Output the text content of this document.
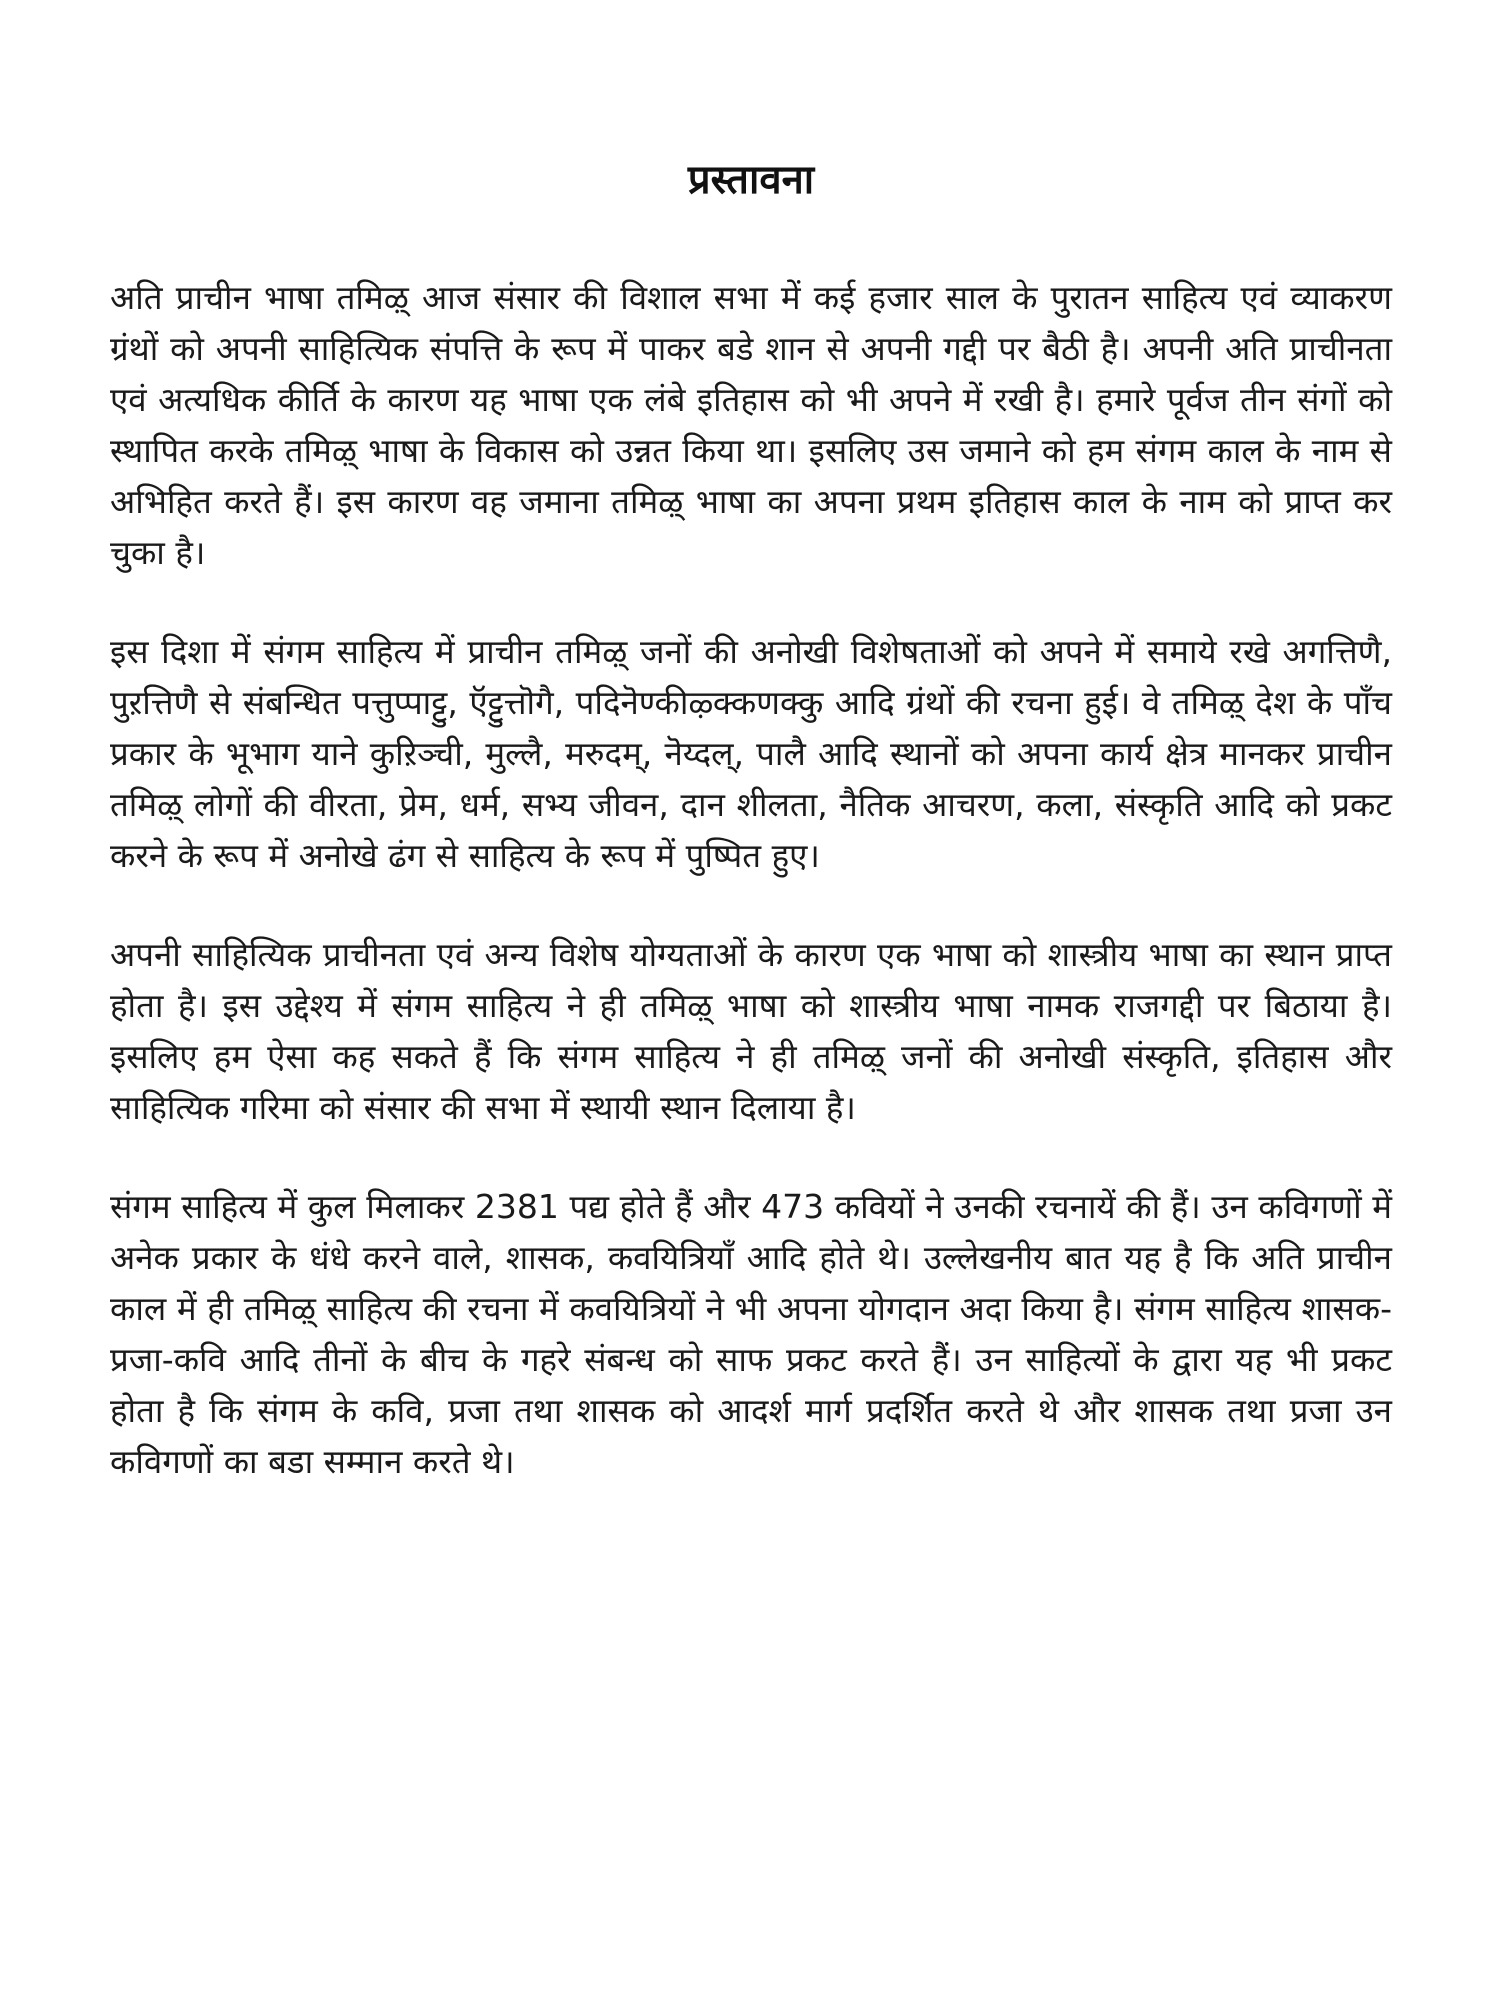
प्रस्तावना

अति प्राचीन भाषा तमिऴ् आज संसार की विशाल सभा में कई हजार साल के पुरातन साहित्य एवं व्याकरण ग्रंथों को अपनी साहित्यिक संपत्ति के रूप में पाकर बडे शान से अपनी गद्दी पर बैठी है। अपनी अति प्राचीनता एवं अत्यधिक कीर्ति के कारण यह भाषा एक लंबे इतिहास को भी अपने में रखी है। हमारे पूर्वज तीन संगों को स्थापित करके तमिऴ् भाषा के विकास को उन्नत किया था। इसलिए उस जमाने को हम संगम काल के नाम से अभिहित करते हैं। इस कारण वह जमाना तमिऴ् भाषा का अपना प्रथम इतिहास काल के नाम को प्राप्त कर चुका है।

इस दिशा में संगम साहित्य में प्राचीन तमिऴ् जनों की अनोखी विशेषताओं को अपने में समाये रखे अगत्तिणै, पुऱत्तिणै से संबन्धित पत्तुप्पाट्टु, ऍट्टुत्तॊगै, पदिनॆण्कीऴ्क्कणक्कु आदि ग्रंथों की रचना हुई। वे तमिऴ् देश के पाँच प्रकार के भूभाग याने कुऱिञ्ची, मुल्लै, मरुदम्, नॆय्दल्, पालै आदि स्थानों को अपना कार्य क्षेत्र मानकर प्राचीन तमिऴ् लोगों की वीरता, प्रेम, धर्म, सभ्य जीवन, दान शीलता, नैतिक आचरण, कला, संस्कृति आदि को प्रकट करने के रूप में अनोखे ढंग से साहित्य के रूप में पुष्पित हुए।

अपनी साहित्यिक प्राचीनता एवं अन्य विशेष योग्यताओं के कारण एक भाषा को शास्त्रीय भाषा का स्थान प्राप्त होता है। इस उद्देश्य में संगम साहित्य ने ही तमिऴ् भाषा को शास्त्रीय भाषा नामक राजगद्दी पर बिठाया है। इसलिए हम ऐसा कह सकते हैं कि संगम साहित्य ने ही तमिऴ् जनों की अनोखी संस्कृति, इतिहास और साहित्यिक गरिमा को संसार की सभा में स्थायी स्थान दिलाया है।

संगम साहित्य में कुल मिलाकर 2381 पद्य होते हैं और 473 कवियों ने उनकी रचनायें की हैं। उन कविगणों में अनेक प्रकार के धंधे करने वाले, शासक, कवयित्रियाँ आदि होते थे। उल्लेखनीय बात यह है कि अति प्राचीन काल में ही तमिऴ् साहित्य की रचना में कवयित्रियों ने भी अपना योगदान अदा किया है। संगम साहित्य शासक-प्रजा-कवि आदि तीनों के बीच के गहरे संबन्ध को साफ प्रकट करते हैं। उन साहित्यों के द्वारा यह भी प्रकट होता है कि संगम के कवि, प्रजा तथा शासक को आदर्श मार्ग प्रदर्शित करते थे और शासक तथा प्रजा उन कविगणों का बडा सम्मान करते थे।
